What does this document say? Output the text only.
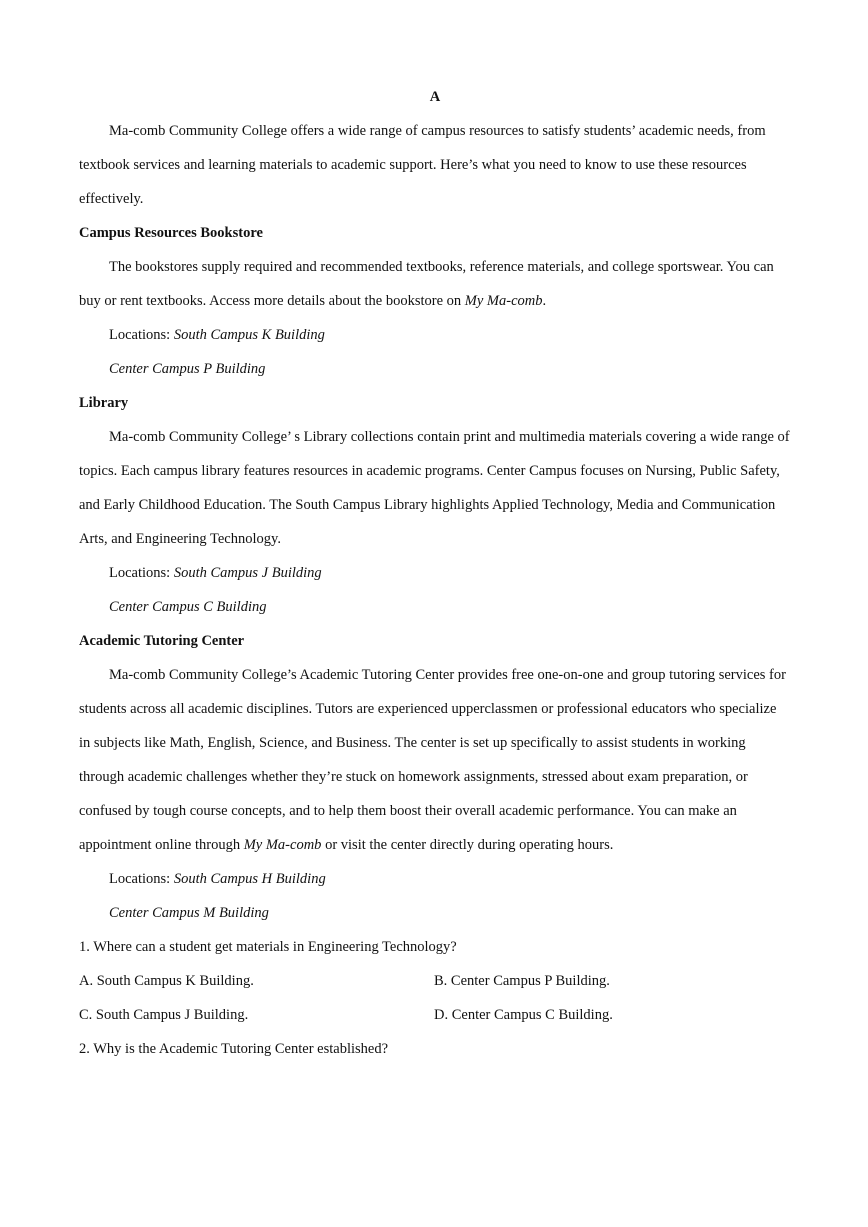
A

Ma-comb Community College offers a wide range of campus resources to satisfy students’ academic needs, from textbook services and learning materials to academic support. Here’s what you need to know to use these resources effectively.

Campus Resources Bookstore

The bookstores supply required and recommended textbooks, reference materials, and college sportswear. You can buy or rent textbooks. Access more details about the bookstore on My Ma-comb.

Locations: South Campus K Building

Center Campus P Building

Library

Ma-comb Community College’ s Library collections contain print and multimedia materials covering a wide range of topics. Each campus library features resources in academic programs. Center Campus focuses on Nursing, Public Safety, and Early Childhood Education. The South Campus Library highlights Applied Technology, Media and Communication Arts, and Engineering Technology.

Locations: South Campus J Building

Center Campus C Building

Academic Tutoring Center

Ma-comb Community College’s Academic Tutoring Center provides free one-on-one and group tutoring services for students across all academic disciplines. Tutors are experienced upperclassmen or professional educators who specialize in subjects like Math, English, Science, and Business. The center is set up specifically to assist students in working through academic challenges whether they’re stuck on homework assignments, stressed about exam preparation, or confused by tough course concepts, and to help them boost their overall academic performance. You can make an appointment online through My Ma-comb or visit the center directly during operating hours.

Locations: South Campus H Building

Center Campus M Building

1. Where can a student get materials in Engineering Technology?

A. South Campus K Building.	B. Center Campus P Building.
C. South Campus J Building.	D. Center Campus C Building.

2. Why is the Academic Tutoring Center established?
